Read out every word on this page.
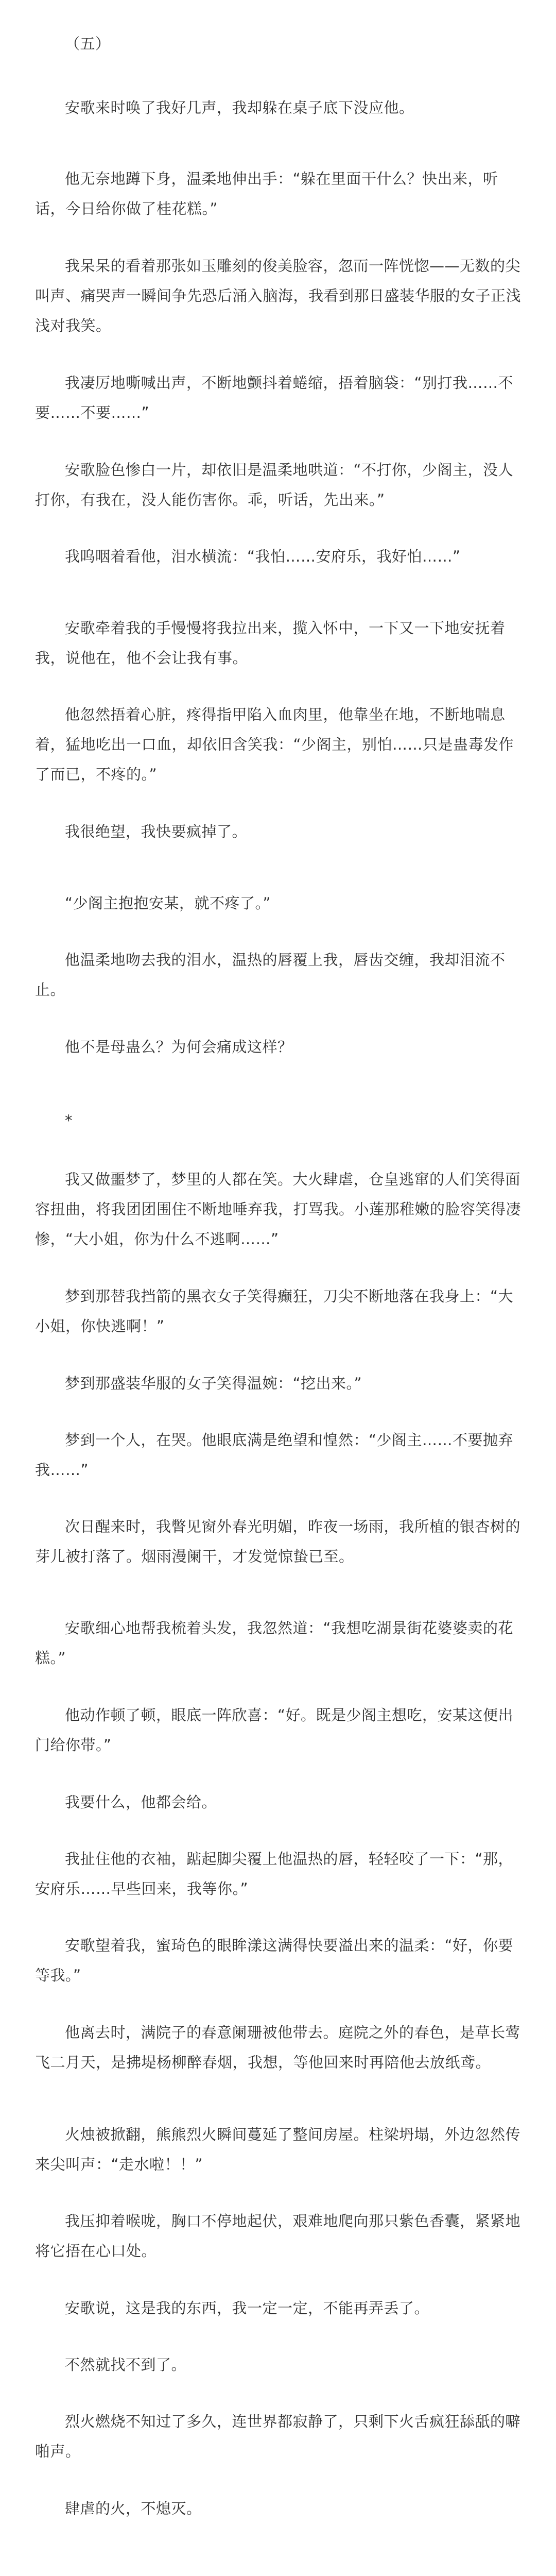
（五）

安歌来时唤了我好几声，我却躲在桌子底下没应他。

他无奈地蹲下身，温柔地伸出手：“躲在里面干什么？快出来，听话，今日给你做了桂花糕。”

我呆呆的看着那张如玉雕刻的俊美脸容，忽而一阵恍惚——无数的尖叫声、痛哭声一瞬间争先恐后涌入脑海，我看到那日盛装华服的女子正浅浅对我笑。

我凄厉地嘶喊出声，不断地颤抖着蜷缩，捂着脑袋：“别打我……不要……不要……”

安歌脸色惨白一片，却依旧是温柔地哄道：“不打你，少阁主，没人打你，有我在，没人能伤害你。乖，听话，先出来。”

我呜咽着看他，泪水横流：“我怕……安府乐，我好怕……”

安歌牵着我的手慢慢将我拉出来，揽入怀中，一下又一下地安抚着我，说他在，他不会让我有事。

他忽然捂着心脏，疼得指甲陷入血肉里，他靠坐在地，不断地喘息着，猛地吃出一口血，却依旧含笑我：“少阁主，别怕……只是蛊毒发作了而已，不疼的。”

我很绝望，我快要疯掉了。

“少阁主抱抱安某，就不疼了。”

他温柔地吻去我的泪水，温热的唇覆上我，唇齿交缠，我却泪流不止。

他不是母蛊么？为何会痛成这样？

*

我又做噩梦了，梦里的人都在笑。大火肆虐，仓皇逃窜的人们笑得面容扭曲，将我团团围住不断地唾弃我，打骂我。小莲那稚嫩的脸容笑得凄惨，“大小姐，你为什么不逃啊……”

梦到那替我挡箭的黑衣女子笑得癫狂，刀尖不断地落在我身上：“大小姐，你快逃啊！”

梦到那盛装华服的女子笑得温婉：“挖出来。”

梦到一个人，在哭。他眼底满是绝望和惶然：“少阁主……不要抛弃我……”

次日醒来时，我瞥见窗外春光明媚，昨夜一场雨，我所植的银杏树的芽儿被打落了。烟雨漫阑干，才发觉惊蛰已至。

安歌细心地帮我梳着头发，我忽然道：“我想吃湖景街花婆婆卖的花糕。”

他动作顿了顿，眼底一阵欣喜：“好。既是少阁主想吃，安某这便出门给你带。”

我要什么，他都会给。

我扯住他的衣袖，踮起脚尖覆上他温热的唇，轻轻咬了一下：“那，安府乐……早些回来，我等你。”

安歌望着我，蜜琦色的眼眸漾这满得快要溢出来的温柔：“好，你要等我。”

他离去时，满院子的春意阑珊被他带去。庭院之外的春色，是草长莺飞二月天，是拂堤杨柳醉春烟，我想，等他回来时再陪他去放纸鸢。

火烛被掀翻，熊熊烈火瞬间蔓延了整间房屋。柱梁坍塌，外边忽然传来尖叫声：“走水啦！！”

我压抑着喉咙，胸口不停地起伏，艰难地爬向那只紫色香囊，紧紧地将它捂在心口处。

安歌说，这是我的东西，我一定一定，不能再弄丢了。

不然就找不到了。

烈火燃烧不知过了多久，连世界都寂静了，只剩下火舌疯狂舔舐的噼啪声。

肆虐的火，不熄灭。
